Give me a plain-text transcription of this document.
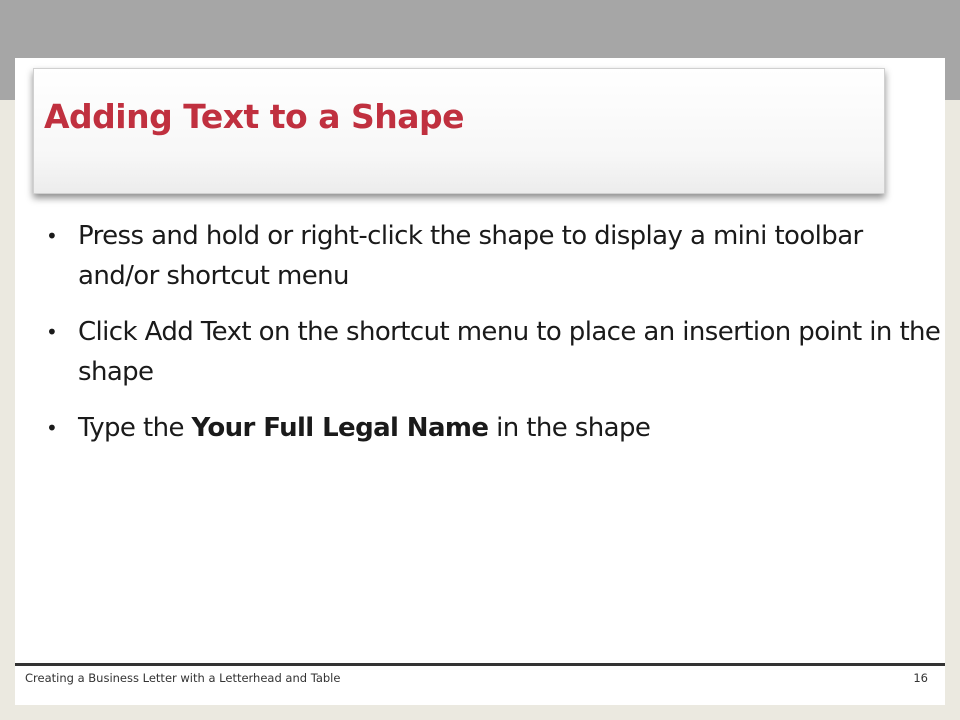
Adding Text to a Shape
• Press and hold or right-click the shape to display a mini toolbar and/or shortcut menu
• Click Add Text on the shortcut menu to place an insertion point in the shape
• Type the Your Full Legal Name in the shape
Creating a Business Letter with a Letterhead and Table	16
